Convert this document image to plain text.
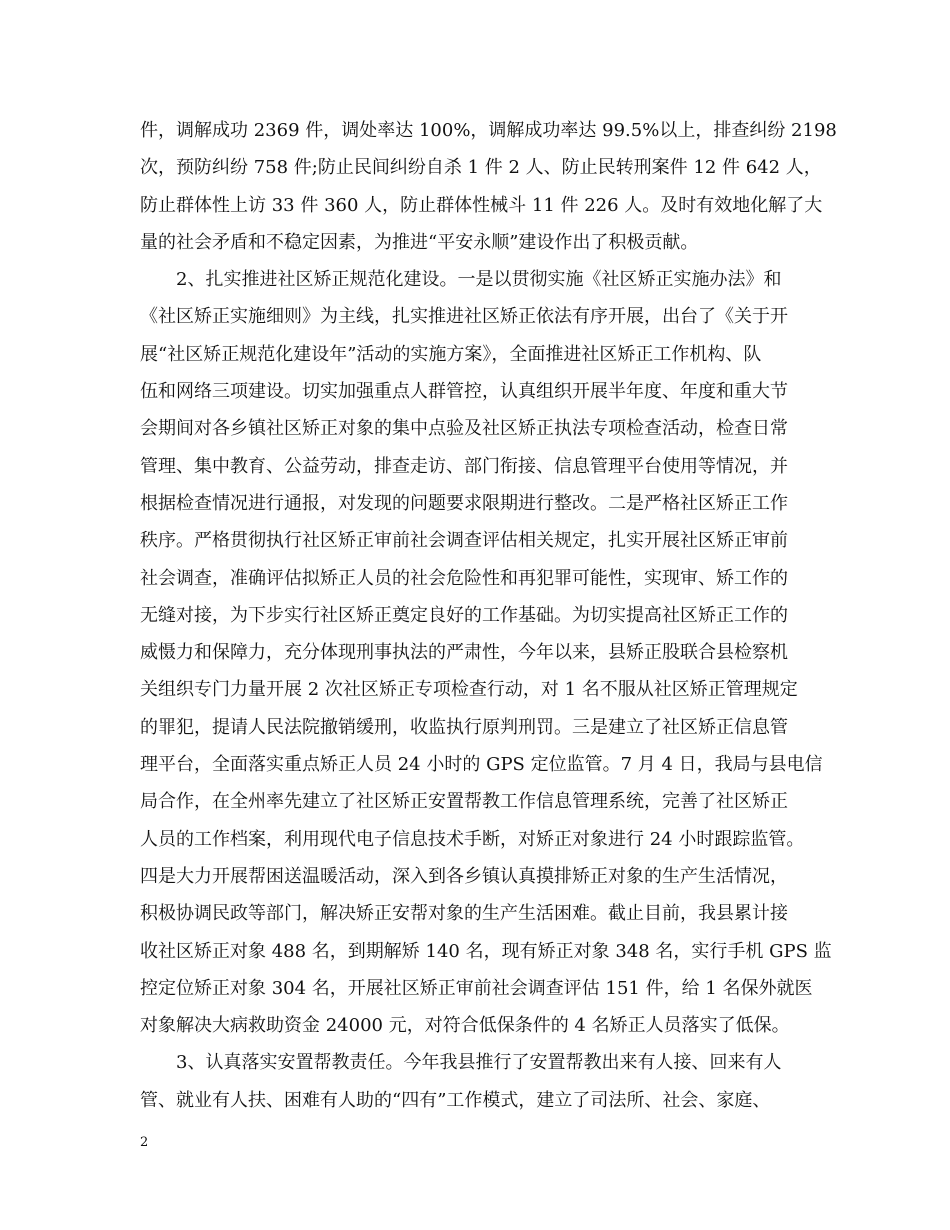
件，调解成功 2369 件，调处率达 100%，调解成功率达 99.5%以上，排查纠纷 2198
次，预防纠纷 758 件;防止民间纠纷自杀 1 件 2 人、防止民转刑案件 12 件 642 人，
防止群体性上访 33 件 360 人，防止群体性械斗 11 件 226 人。及时有效地化解了大
量的社会矛盾和不稳定因素，为推进“平安永顺”建设作出了积极贡献。
2、扎实推进社区矫正规范化建设。一是以贯彻实施《社区矫正实施办法》和
《社区矫正实施细则》为主线，扎实推进社区矫正依法有序开展，出台了《关于开
展“社区矫正规范化建设年”活动的实施方案》，全面推进社区矫正工作机构、队
伍和网络三项建设。切实加强重点人群管控，认真组织开展半年度、年度和重大节
会期间对各乡镇社区矫正对象的集中点验及社区矫正执法专项检查活动，检查日常
管理、集中教育、公益劳动，排查走访、部门衔接、信息管理平台使用等情况，并
根据检查情况进行通报，对发现的问题要求限期进行整改。二是严格社区矫正工作
秩序。严格贯彻执行社区矫正审前社会调查评估相关规定，扎实开展社区矫正审前
社会调查，准确评估拟矫正人员的社会危险性和再犯罪可能性，实现审、矫工作的
无缝对接，为下步实行社区矫正奠定良好的工作基础。为切实提高社区矫正工作的
威慑力和保障力，充分体现刑事执法的严肃性，今年以来，县矫正股联合县检察机
关组织专门力量开展 2 次社区矫正专项检查行动，对 1 名不服从社区矫正管理规定
的罪犯，提请人民法院撤销缓刑，收监执行原判刑罚。三是建立了社区矫正信息管
理平台，全面落实重点矫正人员 24 小时的 GPS 定位监管。7 月 4 日，我局与县电信
局合作，在全州率先建立了社区矫正安置帮教工作信息管理系统，完善了社区矫正
人员的工作档案，利用现代电子信息技术手断，对矫正对象进行 24 小时跟踪监管。
四是大力开展帮困送温暖活动，深入到各乡镇认真摸排矫正对象的生产生活情况，
积极协调民政等部门，解决矫正安帮对象的生产生活困难。截止目前，我县累计接
收社区矫正对象 488 名，到期解矫 140 名，现有矫正对象 348 名，实行手机 GPS 监
控定位矫正对象 304 名，开展社区矫正审前社会调查评估 151 件，给 1 名保外就医
对象解决大病救助资金 24000 元，对符合低保条件的 4 名矫正人员落实了低保。
3、认真落实安置帮教责任。今年我县推行了安置帮教出来有人接、回来有人
管、就业有人扶、困难有人助的“四有”工作模式，建立了司法所、社会、家庭、
2
